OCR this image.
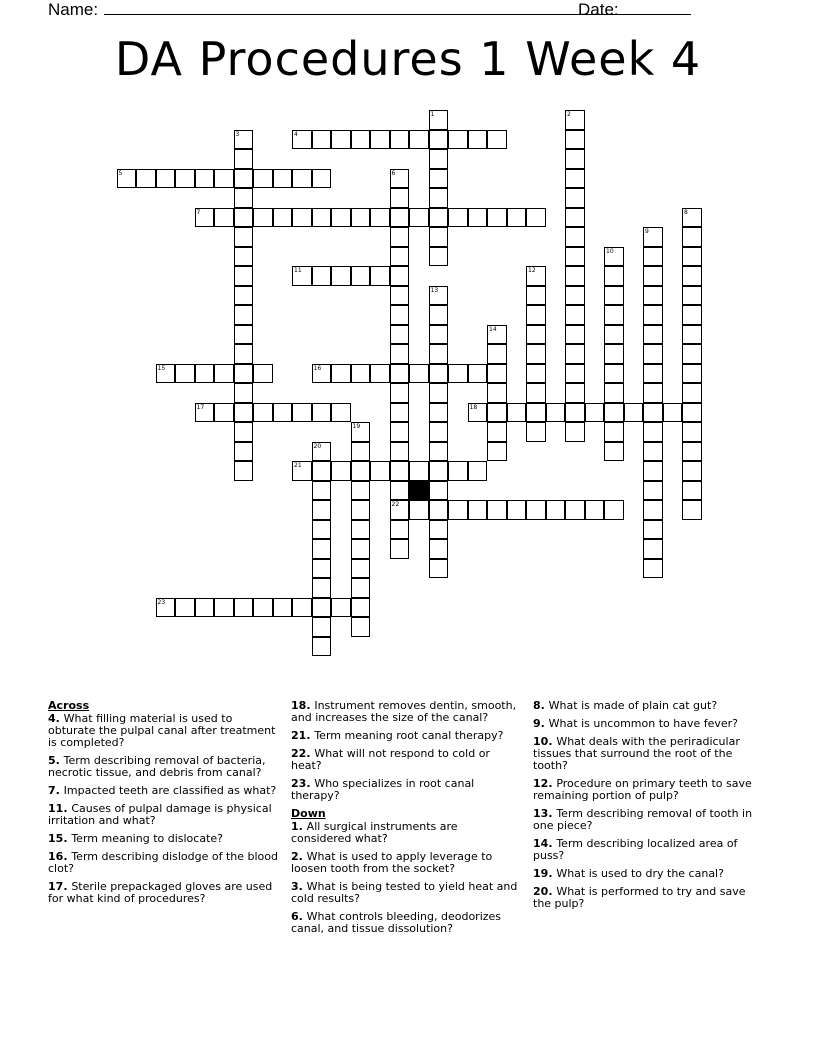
Name:	Date:
DA Procedures 1 Week 4
1	2
3	4
5	6
22
7	8
9
10
11	12
13
14
15	16
17	18
19
20
21
23
Across
4. What filling material is used to obturate the pulpal canal after treatment is completed?
5. Term describing removal of bacteria, necrotic tissue, and debris from canal?
7. Impacted teeth are classified as what?
11. Causes of pulpal damage is physical irritation and what?
15. Term meaning to dislocate?
16. Term describing dislodge of the blood clot?
17. Sterile prepackaged gloves are used for what kind of procedures?
18. Instrument removes dentin, smooth, and increases the size of the canal?
21. Term meaning root canal therapy?
22. What will not respond to cold or heat?
23. Who specializes in root canal therapy?
Down
1. All surgical instruments are considered what?
2. What is used to apply leverage to loosen tooth from the socket?
3. What is being tested to yield heat and cold results?
6. What controls bleeding, deodorizes canal, and tissue dissolution?
8. What is made of plain cat gut?
9. What is uncommon to have fever?
10. What deals with the periradicular tissues that surround the root of the tooth?
12. Procedure on primary teeth to save remaining portion of pulp?
13. Term describing removal of tooth in one piece?
14. Term describing localized area of puss?
19. What is used to dry the canal?
20. What is performed to try and save the pulp?
